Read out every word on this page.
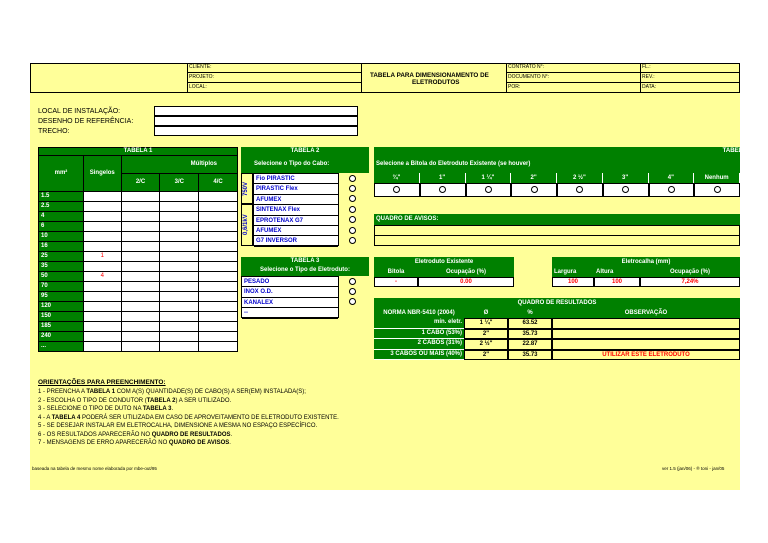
CLIENTE:
PROJETO:
LOCAL:
TABELA PARA DIMENSIONAMENTO DE
ELETRODUTOS
CONTRATO N°:
DOCUMENTO N°:
POR:
FL.:
REV.:
DATA:
LOCAL DE INSTALAÇÃO:
DESENHO DE REFERÊNCIA:
TRECHO:
TABELA 1				
mm²	Singelos	Múltiplos		
		2/C	3/C	4/C

1.5				
2.5				
4				
6				
10				
16				
25	1			
35				
50	4			
70				
95				
120				
150				
185				
240				
...				
TABELA 2
Selecione o Tipo do Cabo:
750V
0,6/1kV
Fio PIRASTIC
PIRASTIC Flex
AFUMEX
SINTENAX Flex
EPROTENAX G7
AFUMEX
G7 INVERSOR
TABELA 3
Selecione o Tipo de Eletroduto:
PESADO
INOX O.D.
KANALEX
--
TABELA 4
Selecione a Bitola do Eletroduto Existente (se houver)
¾"	1"	1 ¼"	2"	2 ½"	3"	4"	Nenhum
QUADRO DE AVISOS:
Eletroduto Existente
Bitola	Ocupação (%)
-	0.00
Eletrocalha (mm)
Largura	Altura	Ocupação (%)
100	100	7,24%
QUADRO DE RESULTADOS
NORMA NBR-5410 (2004)	Ø	%	OBSERVAÇÃO
mín. eletr.	1 ¼"	63.52
1 CABO (53%)	2"	35.73
2 CABOS (31%)	2 ½"	22.87
3 CABOS OU MAIS (40%)	2"	35.73	UTILIZAR ESTE ELETRODUTO
ORIENTAÇÕES PARA PREENCHIMENTO:
1 - PREENCHA A TABELA 1 COM A(S) QUANTIDADE(S) DE CABO(S) A SER(EM) INSTALADA(S);
2 - ESCOLHA O TIPO DE CONDUTOR (TABELA 2) A SER UTILIZADO.
3 - SELECIONE O TIPO DE DUTO NA TABELA 3.
4 - A TABELA 4 PODERÁ SER UTILIZADA EM CASO DE APROVEITAMENTO DE ELETRODUTO EXISTENTE.
5 - SE DESEJAR INSTALAR EM ELETROCALHA, DIMENSIONE A MESMA NO ESPAÇO ESPECÍFICO.
6 - OS RESULTADOS APARECERÃO NO QUADRO DE RESULTADOS.
7 - MENSAGENS DE ERRO APARECERÃO NO QUADRO DE AVISOS.
baseada na tabela de mesmo nome elaborada por mbe-out/95	ver 1.5 (jan/06) - ® toni - jan/05
